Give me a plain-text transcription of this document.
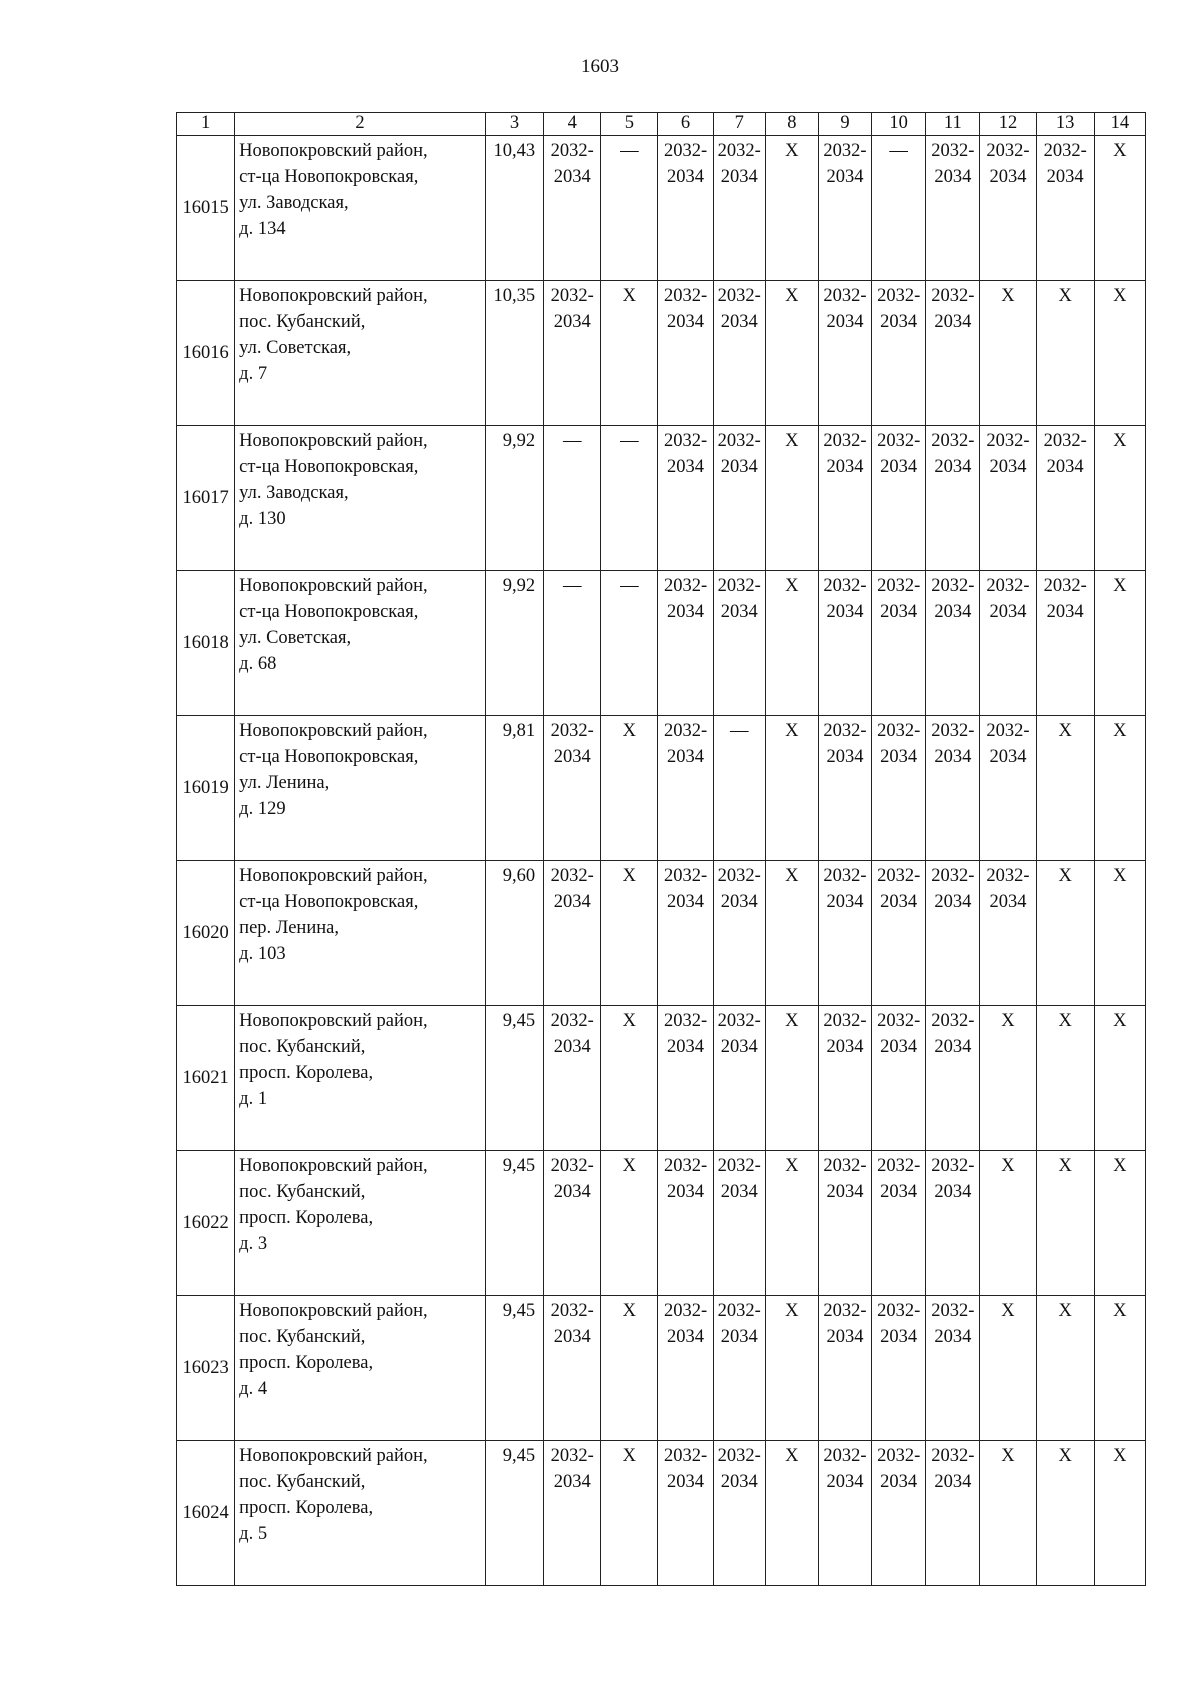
1603
1	2	3	4	5	6	7	8	9	10	11	12	13	14
16015	Новопокровский район,
ст-ца Новопокровская,
ул. Заводская,
д. 134	10,43	2032-
2034	—	2032-
2034	2032-
2034	X	2032-
2034	—	2032-
2034	2032-
2034	2032-
2034	X

16016	Новопокровский район,
пос. Кубанский,
ул. Советская,
д. 7	10,35	2032-
2034	X	2032-
2034	2032-
2034	X	2032-
2034	2032-
2034	2032-
2034	X	X	X

16017	Новопокровский район,
ст-ца Новопокровская,
ул. Заводская,
д. 130	9,92	—	—	2032-
2034	2032-
2034	X	2032-
2034	2032-
2034	2032-
2034	2032-
2034	2032-
2034	X

16018	Новопокровский район,
ст-ца Новопокровская,
ул. Советская,
д. 68	9,92	—	—	2032-
2034	2032-
2034	X	2032-
2034	2032-
2034	2032-
2034	2032-
2034	2032-
2034	X

16019	Новопокровский район,
ст-ца Новопокровская,
ул. Ленина,
д. 129	9,81	2032-
2034	X	2032-
2034	—	X	2032-
2034	2032-
2034	2032-
2034	2032-
2034	X	X

16020	Новопокровский район,
ст-ца Новопокровская,
пер. Ленина,
д. 103	9,60	2032-
2034	X	2032-
2034	2032-
2034	X	2032-
2034	2032-
2034	2032-
2034	2032-
2034	X	X

16021	Новопокровский район,
пос. Кубанский,
просп. Королева,
д. 1	9,45	2032-
2034	X	2032-
2034	2032-
2034	X	2032-
2034	2032-
2034	2032-
2034	X	X	X

16022	Новопокровский район,
пос. Кубанский,
просп. Королева,
д. 3	9,45	2032-
2034	X	2032-
2034	2032-
2034	X	2032-
2034	2032-
2034	2032-
2034	X	X	X

16023	Новопокровский район,
пос. Кубанский,
просп. Королева,
д. 4	9,45	2032-
2034	X	2032-
2034	2032-
2034	X	2032-
2034	2032-
2034	2032-
2034	X	X	X

16024	Новопокровский район,
пос. Кубанский,
просп. Королева,
д. 5	9,45	2032-
2034	X	2032-
2034	2032-
2034	X	2032-
2034	2032-
2034	2032-
2034	X	X	X
